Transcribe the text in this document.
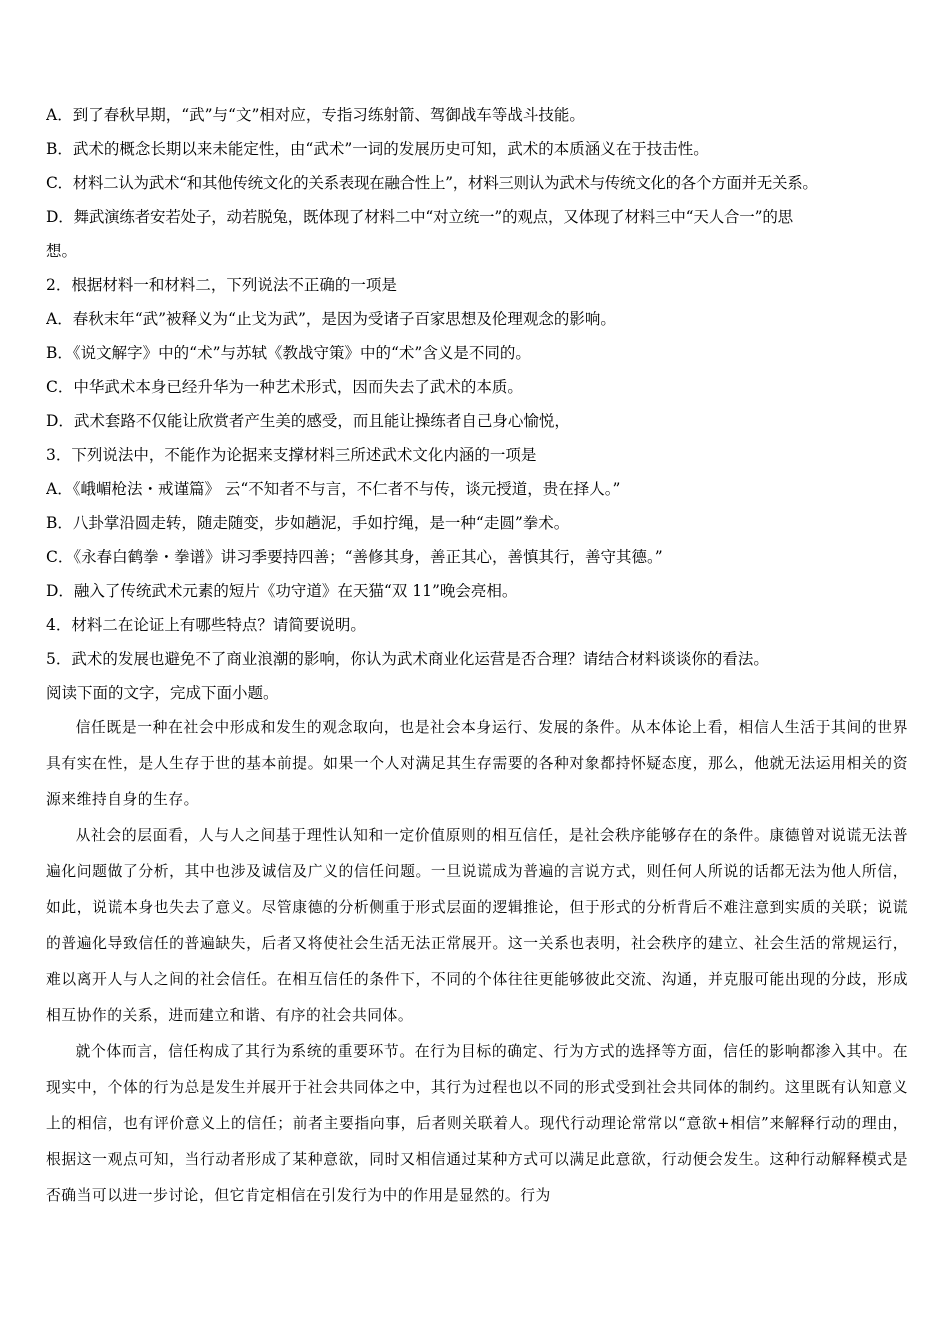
A．到了春秋早期，“武”与“文”相对应，专指习练射箭、驾御战车等战斗技能。
B．武术的概念长期以来未能定性，由“武术”一词的发展历史可知，武术的本质涵义在于技击性。
C．材料二认为武术“和其他传统文化的关系表现在融合性上”，材料三则认为武术与传统文化的各个方面并无关系。
D．舞武演练者安若处子，动若脱兔，既体现了材料二中“对立统一”的观点，又体现了材料三中“天人合一”的思
想。
2．根据材料一和材料二，下列说法不正确的一项是
A．春秋末年“武”被释义为“止戈为武”，是因为受诸子百家思想及伦理观念的影响。
B．《说文解字》中的“术”与苏轼《教战守策》中的“术”含义是不同的。
C．中华武术本身已经升华为一种艺术形式，因而失去了武术的本质。
D．武术套路不仅能让欣赏者产生美的感受，而且能让操练者自己身心愉悦，
3．下列说法中，不能作为论据来支撑材料三所述武术文化内涵的一项是
A．《峨嵋枪法・戒谨篇》 云“不知者不与言，不仁者不与传，谈元授道，贵在择人。”
B．八卦掌沿圆走转，随走随变，步如趟泥，手如拧绳，是一种“走圆”拳术。
C．《永春白鹤拳・拳谱》讲习季要持四善；“善修其身，善正其心，善慎其行，善守其德。”
D．融入了传统武术元素的短片《功守道》在天猫“双 11”晚会亮相。
4．材料二在论证上有哪些特点？请简要说明。
5．武术的发展也避免不了商业浪潮的影响，你认为武术商业化运营是否合理？请结合材料谈谈你的看法。
阅读下面的文字，完成下面小题。

信任既是一种在社会中形成和发生的观念取向，也是社会本身运行、发展的条件。从本体论上看，相信人生活于其间的世界具有实在性，是人生存于世的基本前提。如果一个人对满足其生存需要的各种对象都持怀疑态度，那么，他就无法运用相关的资源来维持自身的生存。

从社会的层面看，人与人之间基于理性认知和一定价值原则的相互信任，是社会秩序能够存在的条件。康德曾对说谎无法普遍化问题做了分析，其中也涉及诚信及广义的信任问题。一旦说谎成为普遍的言说方式，则任何人所说的话都无法为他人所信，如此，说谎本身也失去了意义。尽管康德的分析侧重于形式层面的逻辑推论，但于形式的分析背后不难注意到实质的关联；说谎的普遍化导致信任的普遍缺失，后者又将使社会生活无法正常展开。这一关系也表明，社会秩序的建立、社会生活的常规运行，难以离开人与人之间的社会信任。在相互信任的条件下，不同的个体往往更能够彼此交流、沟通，并克服可能出现的分歧，形成相互协作的关系，进而建立和谐、有序的社会共同体。

就个体而言，信任构成了其行为系统的重要环节。在行为目标的确定、行为方式的选择等方面，信任的影响都渗入其中。在现实中，个体的行为总是发生并展开于社会共同体之中，其行为过程也以不同的形式受到社会共同体的制约。这里既有认知意义上的相信，也有评价意义上的信任；前者主要指向事，后者则关联着人。现代行动理论常常以“意欲+相信”来解释行动的理由，根据这一观点可知，当行动者形成了某种意欲，同时又相信通过某种方式可以满足此意欲，行动便会发生。这种行动解释模式是否确当可以进一步讨论，但它肯定相信在引发行为中的作用是显然的。行为
